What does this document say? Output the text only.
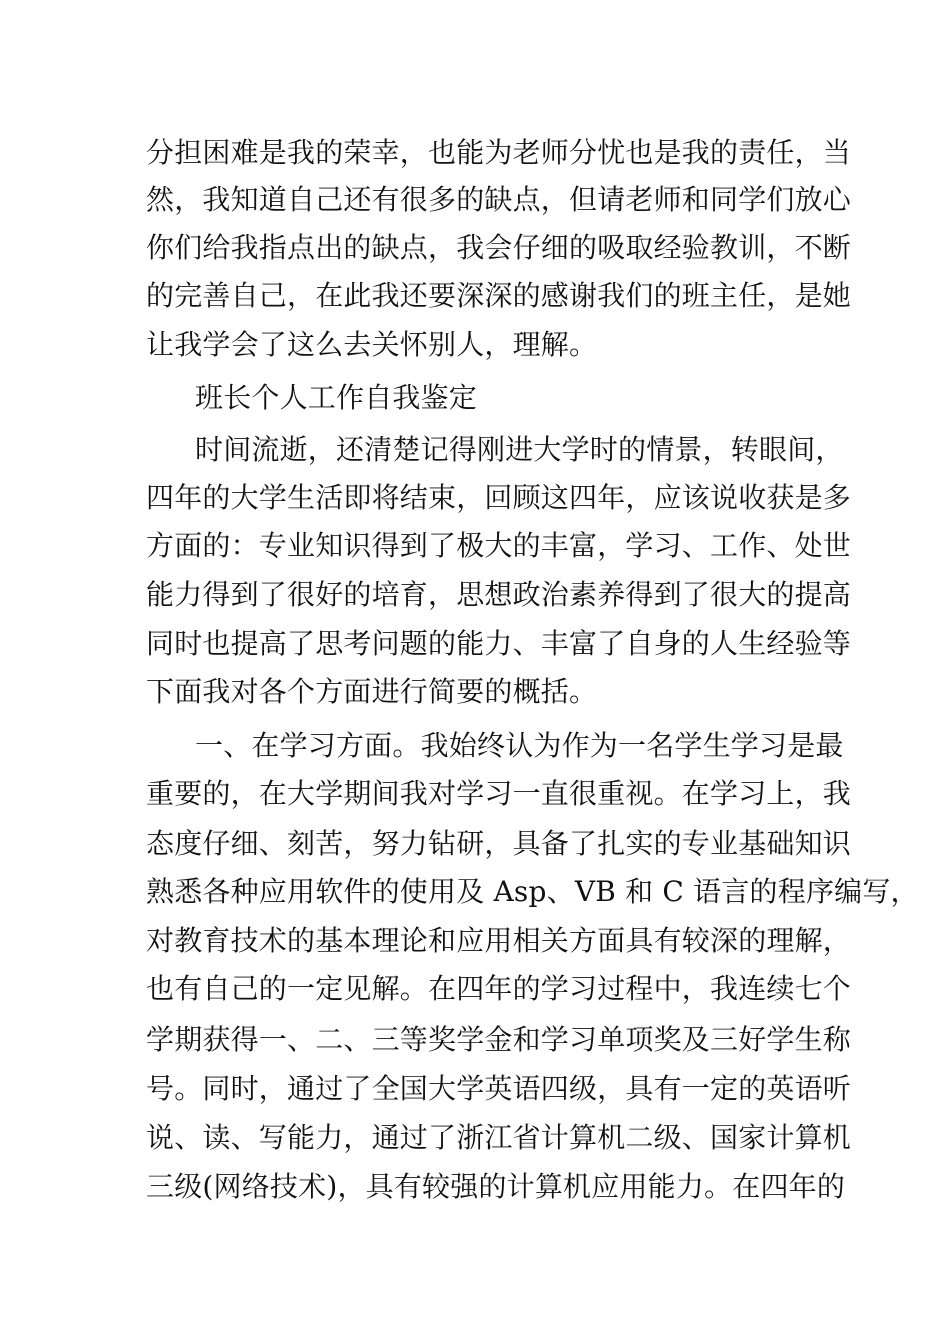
分担困难是我的荣幸，也能为老师分忧也是我的责任，当
然，我知道自己还有很多的缺点，但请老师和同学们放心
你们给我指点出的缺点，我会仔细的吸取经验教训，不断
的完善自己，在此我还要深深的感谢我们的班主任，是她
让我学会了这么去关怀别人，理解。
班长个人工作自我鉴定
时间流逝，还清楚记得刚进大学时的情景，转眼间，
四年的大学生活即将结束，回顾这四年，应该说收获是多
方面的：专业知识得到了极大的丰富，学习、工作、处世
能力得到了很好的培育，思想政治素养得到了很大的提高
同时也提高了思考问题的能力、丰富了自身的人生经验等
下面我对各个方面进行简要的概括。
一、在学习方面。我始终认为作为一名学生学习是最
重要的，在大学期间我对学习一直很重视。在学习上，我
态度仔细、刻苦，努力钻研，具备了扎实的专业基础知识
熟悉各种应用软件的使用及 Asp、VB 和 C 语言的程序编写，
对教育技术的基本理论和应用相关方面具有较深的理解，
也有自己的一定见解。在四年的学习过程中，我连续七个
学期获得一、二、三等奖学金和学习单项奖及三好学生称
号。同时，通过了全国大学英语四级，具有一定的英语听
说、读、写能力，通过了浙江省计算机二级、国家计算机
三级(网络技术)，具有较强的计算机应用能力。在四年的
